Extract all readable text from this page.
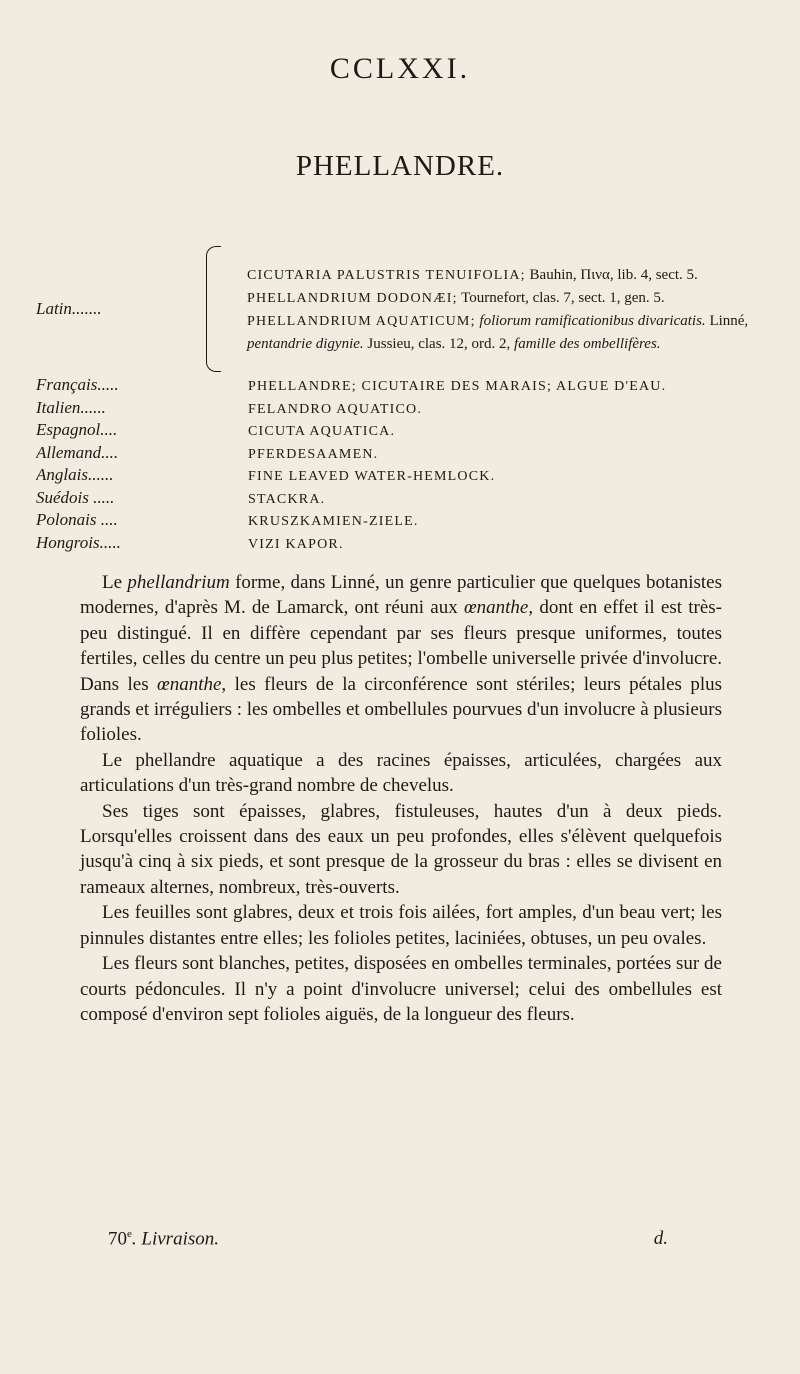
CCLXXI.
PHELLANDRE.
Latin.......
CICUTARIA PALUSTRIS TENUIFOLIA; Bauhin, Πινα, lib. 4, sect. 5.
PHELLANDRIUM DODONÆI; Tournefort, clas. 7, sect. 1, gen. 5.
PHELLANDRIUM AQUATICUM; foliorum ramificationibus divaricatis. Linné, pentandrie digynie. Jussieu, clas. 12, ord. 2, famille des ombellifères.
Français.....	PHELLANDRE; CICUTAIRE DES MARAIS; ALGUE D'EAU.
Italien......	FELANDRO AQUATICO.
Espagnol....	CICUTA AQUATICA.
Allemand....	PFERDESAAMEN.
Anglais......	FINE LEAVED WATER-HEMLOCK.
Suédois .....	STACKRA.
Polonais ....	KRUSZKAMIEN-ZIELE.
Hongrois.....	VIZI KAPOR.

Le phellandrium forme, dans Linné, un genre particulier que quelques botanistes modernes, d'après M. de Lamarck, ont réuni aux œnanthe, dont en effet il est très-peu distingué. Il en diffère cependant par ses fleurs presque uniformes, toutes fertiles, celles du centre un peu plus petites; l'ombelle universelle privée d'involucre. Dans les œnanthe, les fleurs de la circonférence sont stériles; leurs pétales plus grands et irréguliers : les ombelles et ombellules pourvues d'un involucre à plusieurs folioles.

Le phellandre aquatique a des racines épaisses, articulées, chargées aux articulations d'un très-grand nombre de chevelus.

Ses tiges sont épaisses, glabres, fistuleuses, hautes d'un à deux pieds. Lorsqu'elles croissent dans des eaux un peu profondes, elles s'élèvent quelquefois jusqu'à cinq à six pieds, et sont presque de la grosseur du bras : elles se divisent en rameaux alternes, nombreux, très-ouverts.

Les feuilles sont glabres, deux et trois fois ailées, fort amples, d'un beau vert; les pinnules distantes entre elles; les folioles petites, laciniées, obtuses, un peu ovales.

Les fleurs sont blanches, petites, disposées en ombelles terminales, portées sur de courts pédoncules. Il n'y a point d'involucre universel; celui des ombellules est composé d'environ sept folioles aiguës, de la longueur des fleurs.

70e. Livraison.	d.
